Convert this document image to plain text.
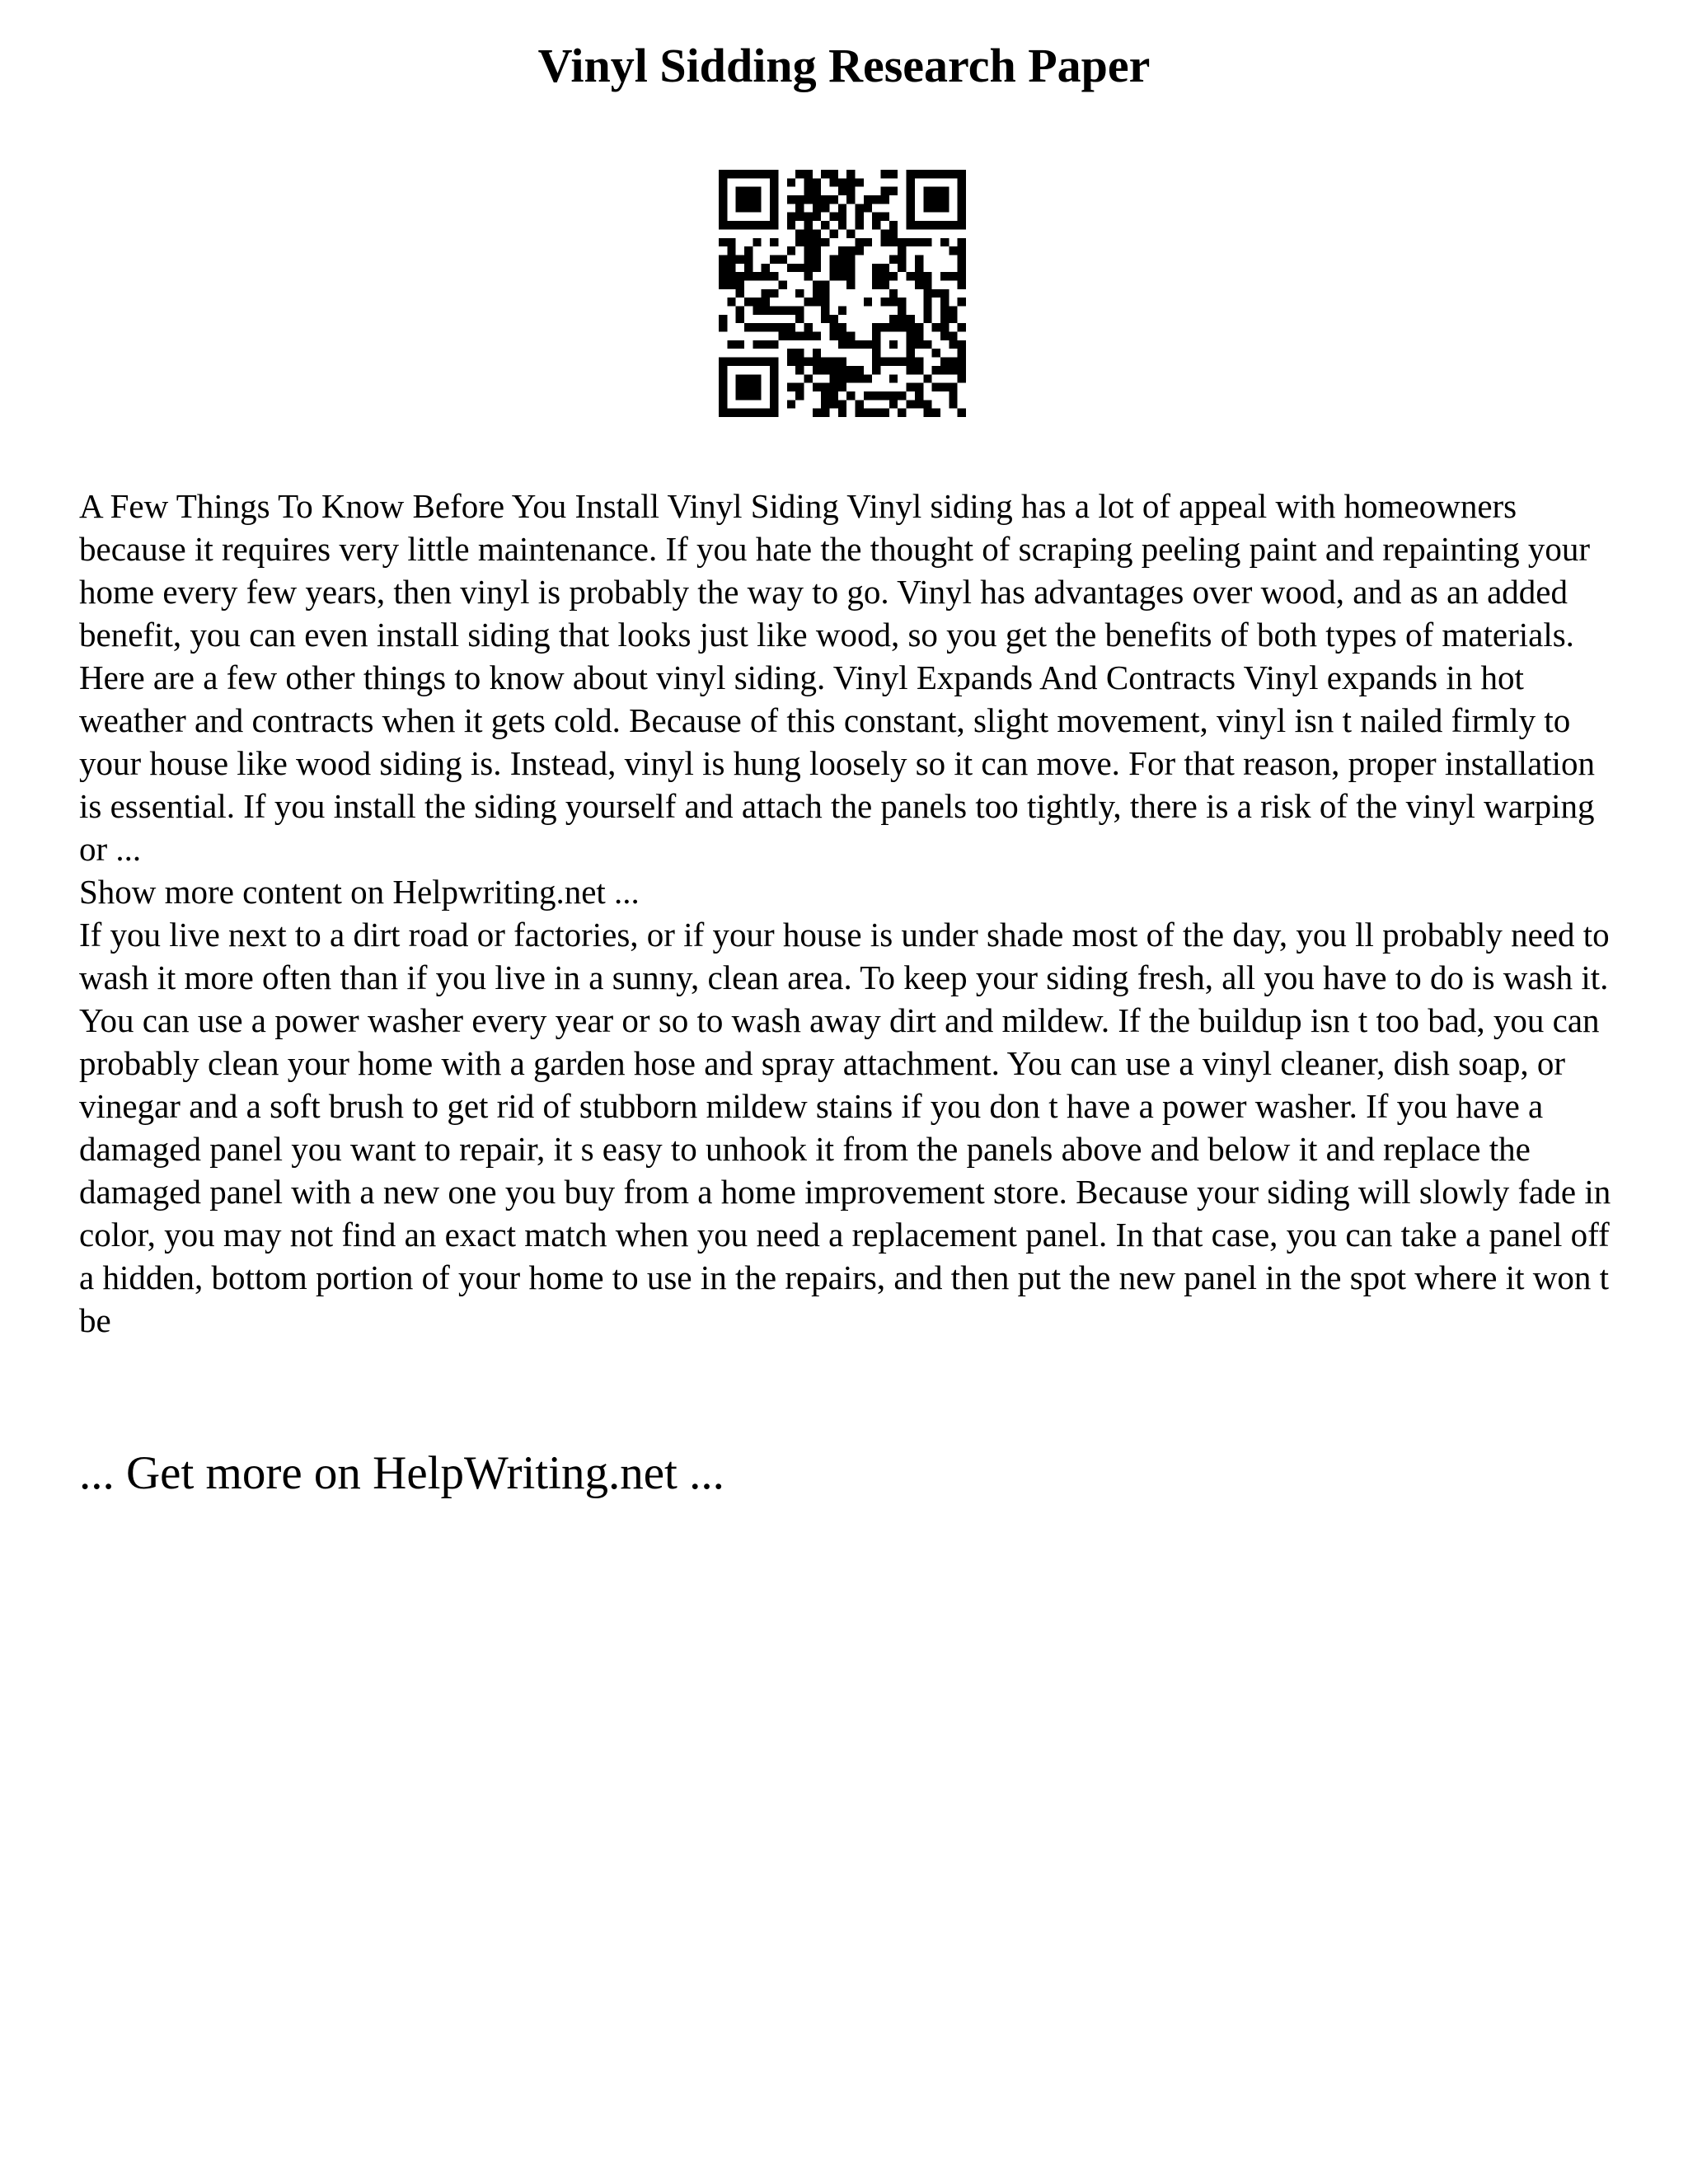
Vinyl Sidding Research Paper

A Few Things To Know Before You Install Vinyl Siding Vinyl siding has a lot of appeal with homeowners because it requires very little maintenance. If you hate the thought of scraping peeling paint and repainting your home every few years, then vinyl is probably the way to go. Vinyl has advantages over wood, and as an added benefit, you can even install siding that looks just like wood, so you get the benefits of both types of materials. Here are a few other things to know about vinyl siding. Vinyl Expands And Contracts Vinyl expands in hot weather and contracts when it gets cold. Because of this constant, slight movement, vinyl isn t nailed firmly to your house like wood siding is. Instead, vinyl is hung loosely so it can move. For that reason, proper installation is essential. If you install the siding yourself and attach the panels too tightly, there is a risk of the vinyl warping or ...

Show more content on Helpwriting.net ...

If you live next to a dirt road or factories, or if your house is under shade most of the day, you ll probably need to wash it more often than if you live in a sunny, clean area. To keep your siding fresh, all you have to do is wash it. You can use a power washer every year or so to wash away dirt and mildew. If the buildup isn t too bad, you can probably clean your home with a garden hose and spray attachment. You can use a vinyl cleaner, dish soap, or vinegar and a soft brush to get rid of stubborn mildew stains if you don t have a power washer. If you have a damaged panel you want to repair, it s easy to unhook it from the panels above and below it and replace the damaged panel with a new one you buy from a home improvement store. Because your siding will slowly fade in color, you may not find an exact match when you need a replacement panel. In that case, you can take a panel off a hidden, bottom portion of your home to use in the repairs, and then put the new panel in the spot where it won t be

... Get more on HelpWriting.net ...
